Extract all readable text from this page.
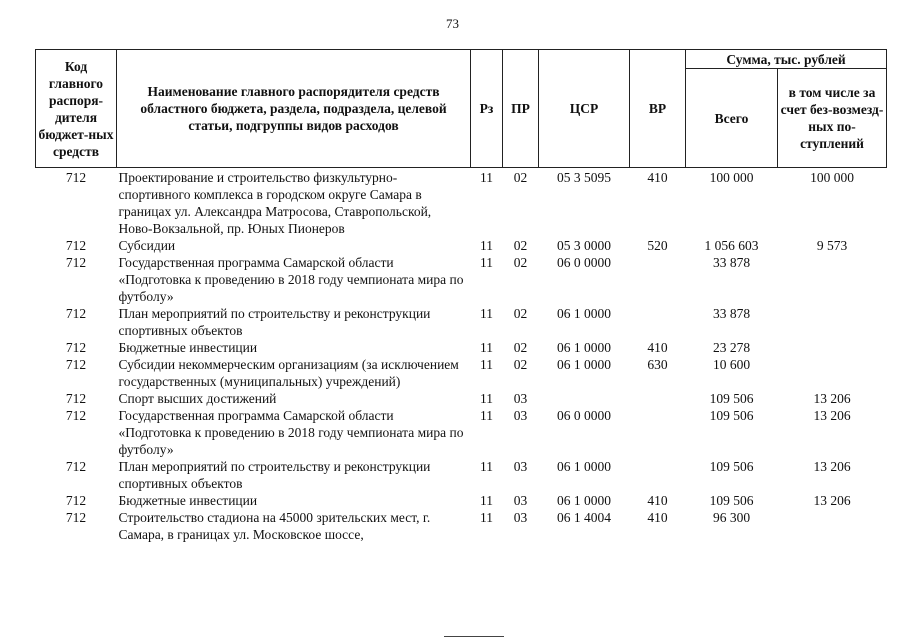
73
Код главного распоря-дителя бюджет-ных средств	Наименование главного распорядителя средств областного бюджета, раздела, подраздела, целевой статьи, подгруппы видов расходов	Рз	ПР	ЦСР	ВР	Сумма, тыс. рублей	
						Всего	в том числе за счет без-возмезд-ных по-ступлений
712	Проектирование и строительство физкультурно-спортивного комплекса в городском округе Самара в границах ул. Александра Матросова, Ставропольской, Ново-Вокзальной, пр. Юных Пионеров	11	02	05 3 5095	410	100 000	100 000
712	Субсидии	11	02	05 3 0000	520	1 056 603	9 573
712	Государственная программа Самарской области «Подготовка к проведению в 2018 году чемпионата мира по футболу»	11	02	06 0 0000		33 878	
712	План мероприятий по строительству и реконструкции спортивных объектов	11	02	06 1 0000		33 878	
712	Бюджетные инвестиции	11	02	06 1 0000	410	23 278	
712	Субсидии некоммерческим организациям (за исключением государственных (муниципальных) учреждений)	11	02	06 1 0000	630	10 600	
712	Спорт высших достижений	11	03			109 506	13 206
712	Государственная программа Самарской области «Подготовка к проведению в 2018 году чемпионата мира по футболу»	11	03	06 0 0000		109 506	13 206
712	План мероприятий по строительству и реконструкции спортивных объектов	11	03	06 1 0000		109 506	13 206
712	Бюджетные инвестиции	11	03	06 1 0000	410	109 506	13 206
712	Строительство стадиона на 45000 зрительских мест, г. Самара, в границах ул. Московское шоссе,	11	03	06 1 4004	410	96 300	
